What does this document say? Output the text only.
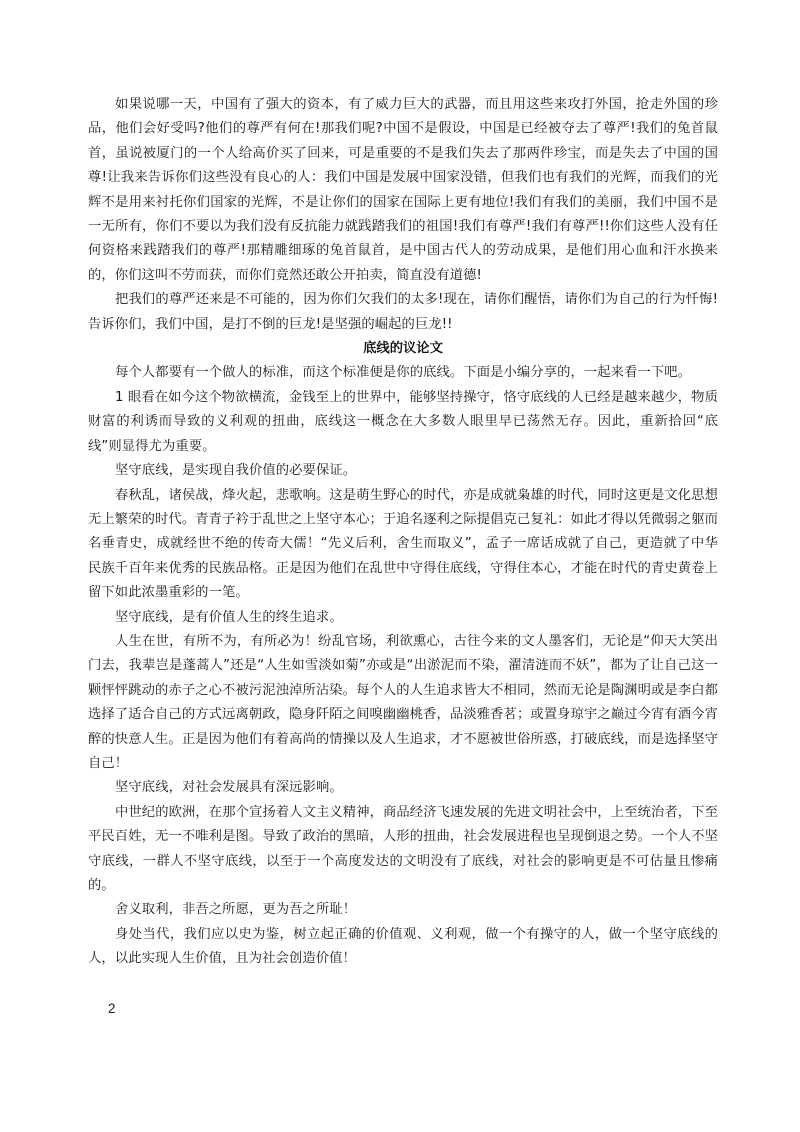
如果说哪一天，中国有了强大的资本，有了威力巨大的武器，而且用这些来攻打外国，抢走外国的珍品，他们会好受吗?他们的尊严有何在!那我们呢?中国不是假设，中国是已经被夺去了尊严!我们的兔首鼠首，虽说被厦门的一个人给高价买了回来，可是重要的不是我们失去了那两件珍宝，而是失去了中国的国尊!让我来告诉你们这些没有良心的人：我们中国是发展中国家没错，但我们也有我们的光辉，而我们的光辉不是用来衬托你们国家的光辉，不是让你们的国家在国际上更有地位!我们有我们的美丽，我们中国不是一无所有，你们不要以为我们没有反抗能力就践踏我们的祖国!我们有尊严!我们有尊严!!你们这些人没有任何资格来践踏我们的尊严!那精雕细琢的兔首鼠首，是中国古代人的劳动成果，是他们用心血和汗水换来的，你们这叫不劳而获，而你们竟然还敢公开拍卖，简直没有道德!

把我们的尊严还来是不可能的，因为你们欠我们的太多!现在，请你们醒悟，请你们为自己的行为忏悔!告诉你们，我们中国，是打不倒的巨龙!是坚强的崛起的巨龙!!

底线的议论文

每个人都要有一个做人的标准，而这个标准便是你的底线。下面是小编分享的，一起来看一下吧。

1 眼看在如今这个物欲横流，金钱至上的世界中，能够坚持操守，恪守底线的人已经是越来越少，物质财富的利诱而导致的义利观的扭曲，底线这一概念在大多数人眼里早已荡然无存。因此，重新拾回“底线”则显得尤为重要。

坚守底线，是实现自我价值的必要保证。

春秋乱，诸侯战，烽火起，悲歌响。这是萌生野心的时代，亦是成就枭雄的时代，同时这更是文化思想无上繁荣的时代。青青子衿于乱世之上坚守本心；于追名逐利之际提倡克己复礼：如此才得以凭微弱之躯而名垂青史，成就经世不绝的传奇大儒！“先义后利，舍生而取义”，孟子一席话成就了自己，更造就了中华民族千百年来优秀的民族品格。正是因为他们在乱世中守得住底线，守得住本心，才能在时代的青史黄卷上留下如此浓墨重彩的一笔。

坚守底线，是有价值人生的终生追求。

人生在世，有所不为，有所必为！纷乱官场，利欲熏心，古往今来的文人墨客们，无论是“仰天大笑出门去，我辈岂是蓬蒿人”还是“人生如雪淡如菊”亦或是“出淤泥而不染，濯清涟而不妖”，都为了让自己这一颗怦怦跳动的赤子之心不被污泥浊淖所沾染。每个人的人生追求皆大不相同，然而无论是陶渊明或是李白都选择了适合自己的方式远离朝政，隐身阡陌之间嗅幽幽桃香，品淡雅香茗；或置身琼宇之巅过今宵有酒今宵醉的快意人生。正是因为他们有着高尚的情操以及人生追求，才不愿被世俗所惑，打破底线，而是选择坚守自己！

坚守底线，对社会发展具有深远影响。

中世纪的欧洲，在那个宣扬着人文主义精神，商品经济飞速发展的先进文明社会中，上至统治者，下至平民百姓，无一不唯利是图。导致了政治的黑暗，人形的扭曲，社会发展进程也呈现倒退之势。一个人不坚守底线，一群人不坚守底线，以至于一个高度发达的文明没有了底线，对社会的影响更是不可估量且惨痛的。

舍义取利，非吾之所愿，更为吾之所耻！

身处当代，我们应以史为鉴，树立起正确的价值观、义利观，做一个有操守的人，做一个坚守底线的人，以此实现人生价值，且为社会创造价值！

2
